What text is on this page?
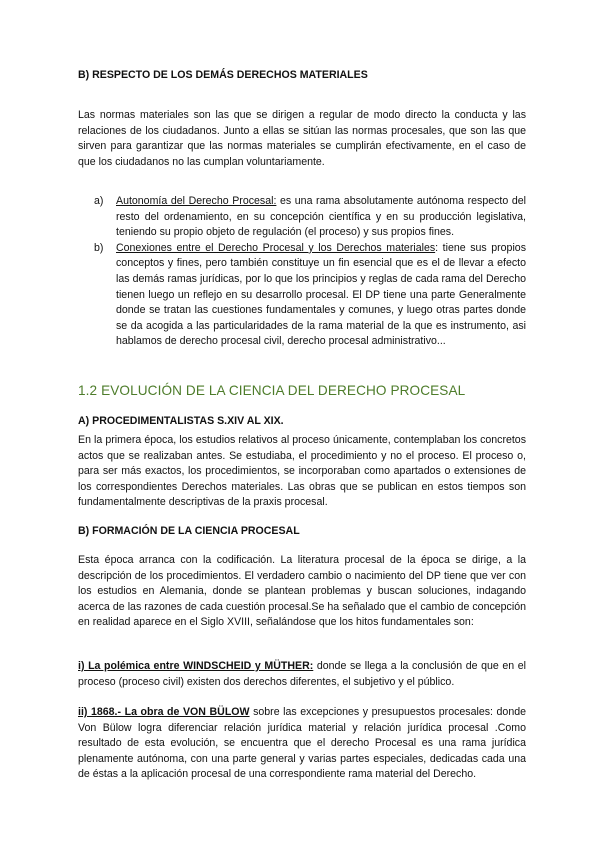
B) RESPECTO DE LOS DEMÁS DERECHOS MATERIALES

Las normas materiales son las que se dirigen a regular de modo directo la conducta y las relaciones de los ciudadanos. Junto a ellas se sitúan las normas procesales, que son las que sirven para garantizar que las normas materiales se cumplirán efectivamente, en el caso de que los ciudadanos no las cumplan voluntariamente.

a) Autonomía del Derecho Procesal: es una rama absolutamente autónoma respecto del resto del ordenamiento, en su concepción científica y en su producción legislativa, teniendo su propio objeto de regulación (el proceso) y sus propios fines.
b) Conexiones entre el Derecho Procesal y los Derechos materiales: tiene sus propios conceptos y fines, pero también constituye un fin esencial que es el de llevar a efecto las demás ramas jurídicas, por lo que los principios y reglas de cada rama del Derecho tienen luego un reflejo en su desarrollo procesal. El DP tiene una parte Generalmente donde se tratan las cuestiones fundamentales y comunes, y luego otras partes donde se da acogida a las particularidades de la rama material de la que es instrumento, asi hablamos de derecho procesal civil, derecho procesal administrativo...
1.2 EVOLUCIÓN DE LA CIENCIA DEL DERECHO PROCESAL

A) PROCEDIMENTALISTAS S.XIV AL XIX.

En la primera época, los estudios relativos al proceso únicamente, contemplaban los concretos actos que se realizaban antes. Se estudiaba, el procedimiento y no el proceso. El proceso o, para ser más exactos, los procedimientos, se incorporaban como apartados o extensiones de los correspondientes Derechos materiales. Las obras que se publican en estos tiempos son fundamentalmente descriptivas de la praxis procesal.

B) FORMACIÓN DE LA CIENCIA PROCESAL

Esta época arranca con la codificación. La literatura procesal de la época se dirige, a la descripción de los procedimientos. El verdadero cambio o nacimiento del DP tiene que ver con los estudios en Alemania, donde se plantean problemas y buscan soluciones, indagando acerca de las razones de cada cuestión procesal.Se ha señalado que el cambio de concepción en realidad aparece en el Siglo XVIII, señalándose que los hitos fundamentales son:

i) La polémica entre WINDSCHEID y MÜTHER: donde se llega a la conclusión de que en el proceso (proceso civil) existen dos derechos diferentes, el subjetivo y el público.

ii) 1868.- La obra de VON BÜLOW sobre las excepciones y presupuestos procesales: donde Von Bülow logra diferenciar relación jurídica material y relación jurídica procesal .Como resultado de esta evolución, se encuentra que el derecho Procesal es una rama jurídica plenamente autónoma, con una parte general y varias partes especiales, dedicadas cada una de éstas a la aplicación procesal de una correspondiente rama material del Derecho.
